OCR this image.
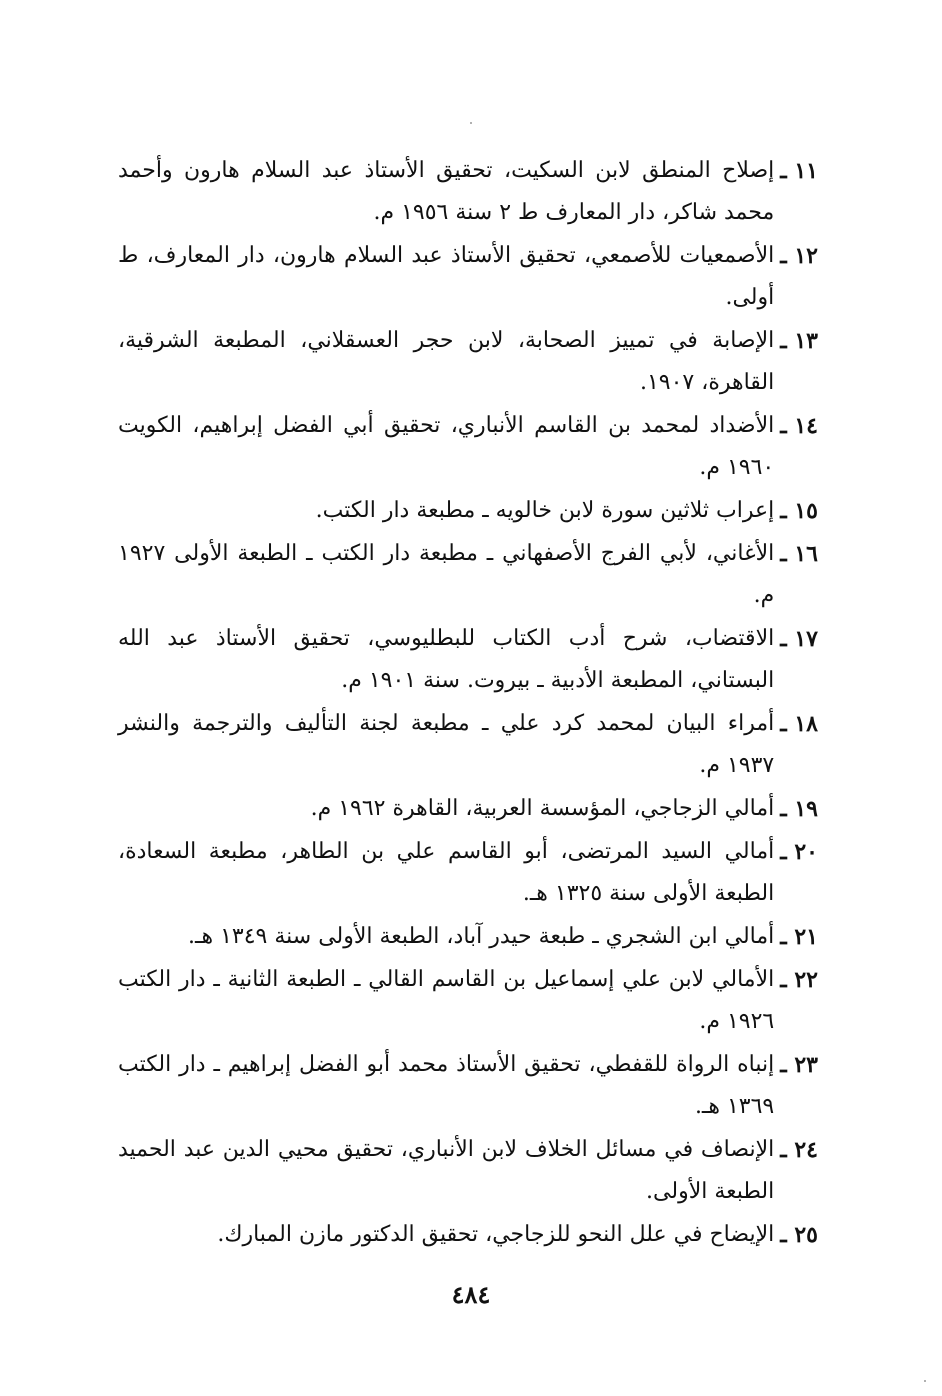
١١ ـ
إصلاح المنطق لابن السكيت، تحقيق الأستاذ عبد السلام هارون وأحمد محمد شاكر، دار المعارف ط ٢ سنة ١٩٥٦ م.
١٢ ـ
الأصمعيات للأصمعي، تحقيق الأستاذ عبد السلام هارون، دار المعارف، ط أولى.
١٣ ـ
الإصابة في تمييز الصحابة، لابن حجر العسقلاني، المطبعة الشرقية، القاهرة، ١٩٠٧.
١٤ ـ
الأضداد لمحمد بن القاسم الأنباري، تحقيق أبي الفضل إبراهيم، الكويت ١٩٦٠ م.
١٥ ـ
إعراب ثلاثين سورة لابن خالويه ـ مطبعة دار الكتب.
١٦ ـ
الأغاني، لأبي الفرج الأصفهاني ـ مطبعة دار الكتب ـ الطبعة الأولى ١٩٢٧ م.
١٧ ـ
الاقتضاب، شرح أدب الكتاب للبطليوسي، تحقيق الأستاذ عبد الله البستاني، المطبعة الأدبية ـ بيروت. سنة ١٩٠١ م.
١٨ ـ
أمراء البيان لمحمد كرد علي ـ مطبعة لجنة التأليف والترجمة والنشر ١٩٣٧ م.
١٩ ـ
أمالي الزجاجي، المؤسسة العربية، القاهرة ١٩٦٢ م.
٢٠ ـ
أمالي السيد المرتضى، أبو القاسم علي بن الطاهر، مطبعة السعادة، الطبعة الأولى سنة ١٣٢٥ هـ.
٢١ ـ
أمالي ابن الشجري ـ طبعة حيدر آباد، الطبعة الأولى سنة ١٣٤٩ هـ.
٢٢ ـ
الأمالي لابن علي إسماعيل بن القاسم القالي ـ الطبعة الثانية ـ دار الكتب ١٩٢٦ م.
٢٣ ـ
إنباه الرواة للقفطي، تحقيق الأستاذ محمد أبو الفضل إبراهيم ـ دار الكتب ١٣٦٩ هـ.
٢٤ ـ
الإنصاف في مسائل الخلاف لابن الأنباري، تحقيق محيي الدين عبد الحميد الطبعة الأولى.
٢٥ ـ
الإيضاح في علل النحو للزجاجي، تحقيق الدكتور مازن المبارك.
٤٨٤
